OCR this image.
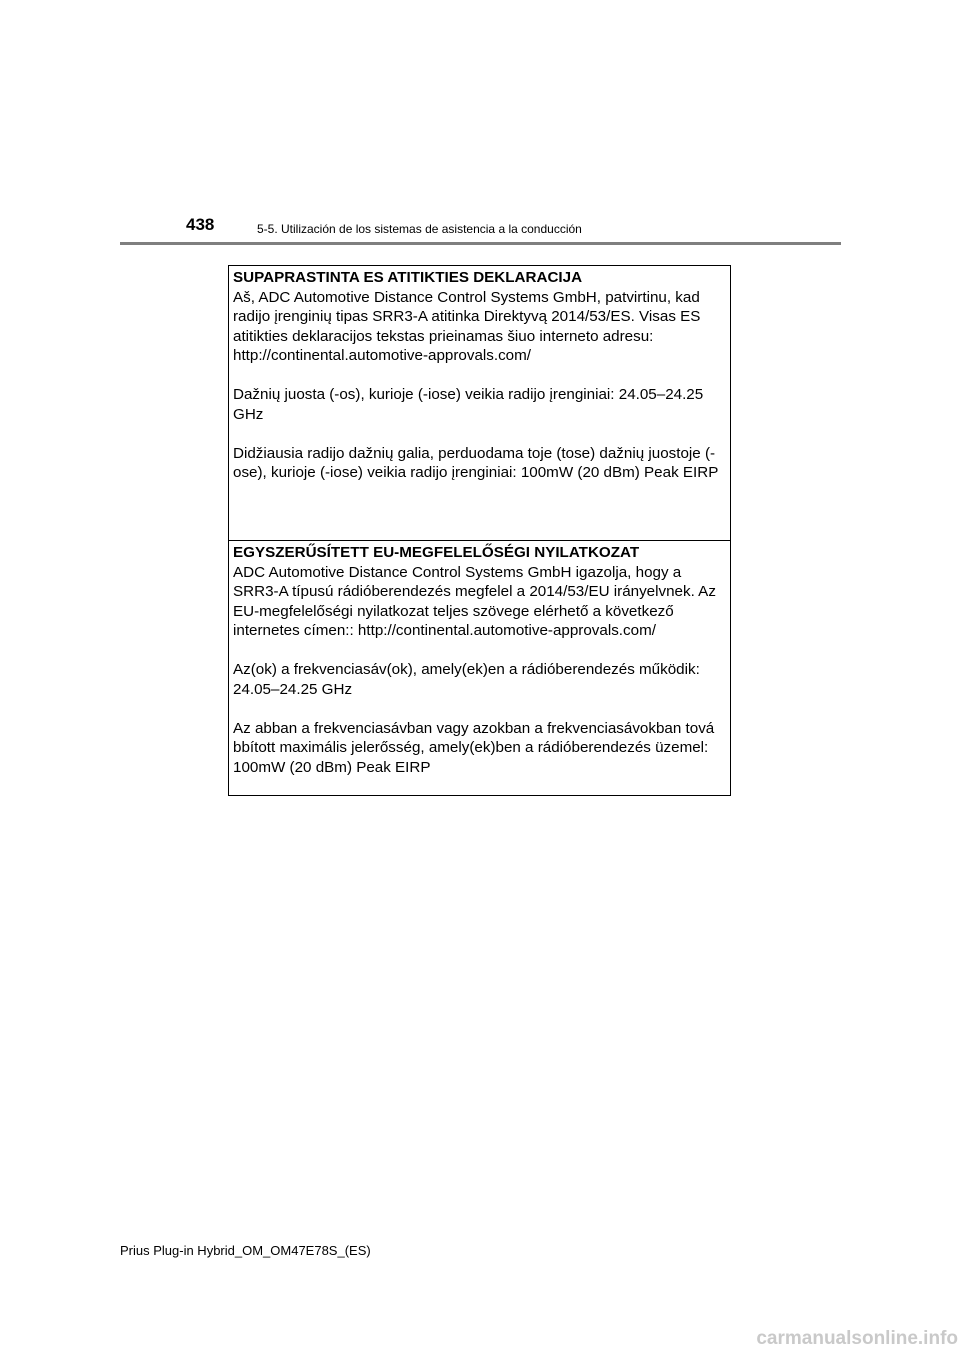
438	5-5. Utilización de los sistemas de asistencia a la conducción
SUPAPRASTINTA ES ATITIKTIES DEKLARACIJA

Aš, ADC Automotive Distance Control Systems GmbH, patvirtinu, kad radijo įrenginių tipas SRR3-A atitinka Direktyvą 2014/53/ES. Visas ES atitikties deklaracijos tekstas prieinamas šiuo interneto adresu: http://continental.automotive-approvals.com/

Dažnių juosta (-os), kurioje (-iose) veikia radijo įrenginiai: 24.05–24.25 GHz

Didžiausia radijo dažnių galia, perduodama toje (tose) dažnių juostoje (-ose), kurioje (-iose) veikia radijo įrenginiai: 100mW (20 dBm) Peak EIRP

EGYSZERŰSÍTETT EU-MEGFELELŐSÉGI NYILATKOZAT

ADC Automotive Distance Control Systems GmbH igazolja, hogy a SRR3-A típusú rádióberendezés megfelel a 2014/53/EU irányelvnek. Az EU-megfelelőségi nyilatkozat teljes szövege elérhető a következő internetes címen:: http://continental.automotive-approvals.com/

Az(ok) a frekvenciasáv(ok), amely(ek)en a rádióberendezés működik: 24.05–24.25 GHz

Az abban a frekvenciasávban vagy azokban a frekvenciasávokban tová bbított maximális jelerősség, amely(ek)ben a rádióberendezés üzemel: 100mW (20 dBm) Peak EIRP

Prius Plug-in Hybrid_OM_OM47E78S_(ES)
carmanualsonline.info
